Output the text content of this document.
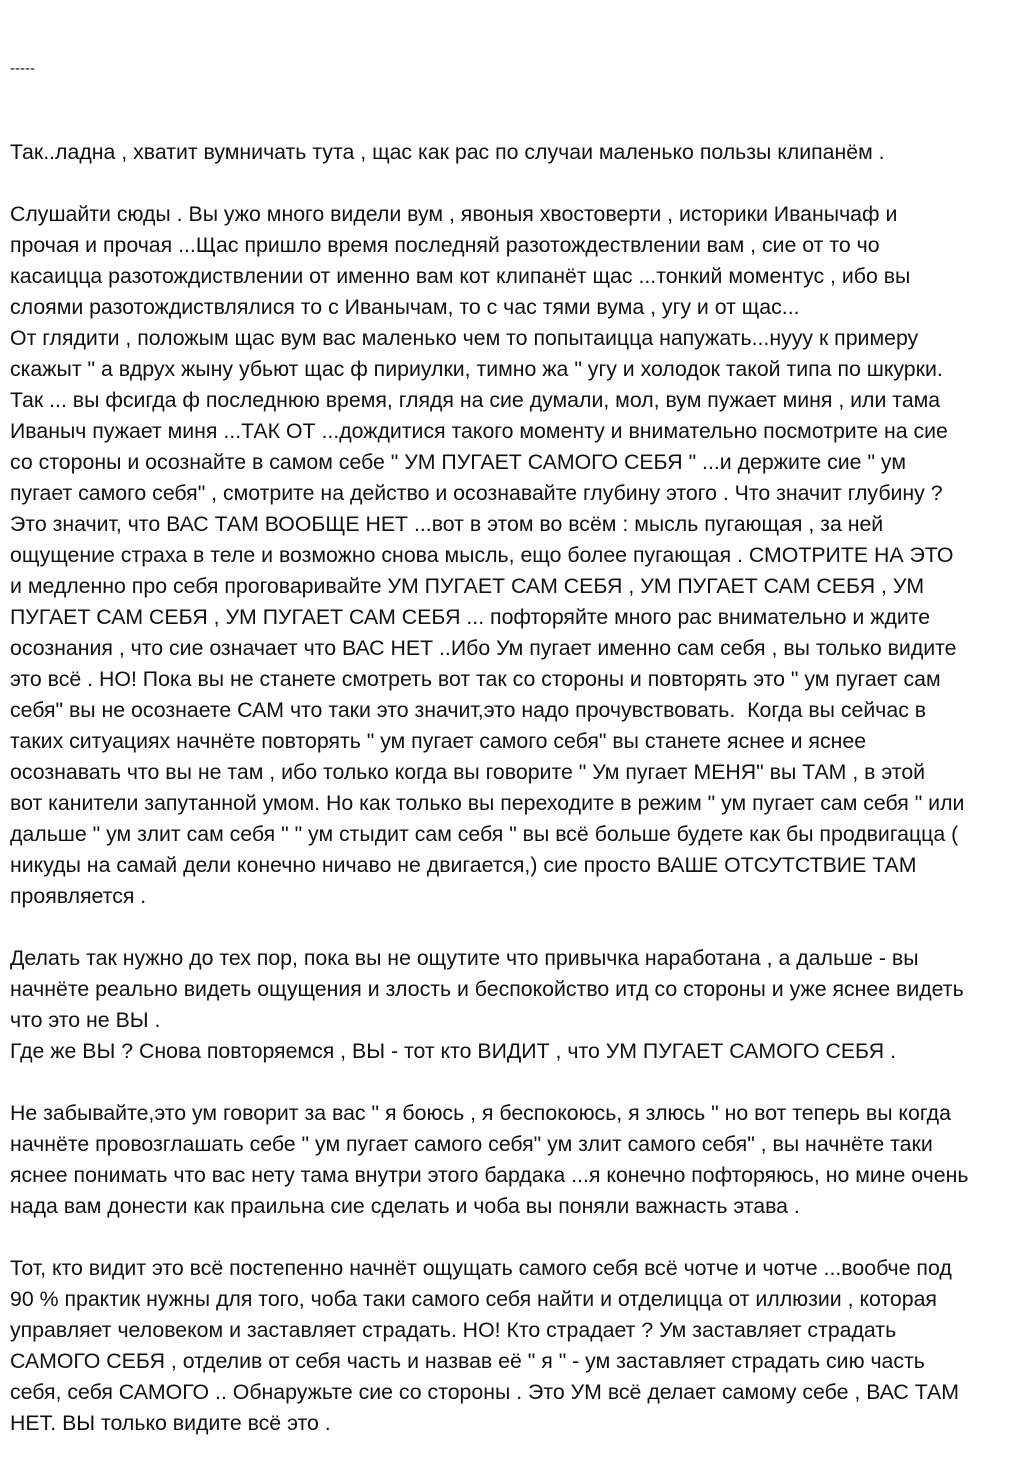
-----

Так..ладна , хватит вумничать тута , щас как рас по случаи маленько пользы клипанём .
Слушайти сюды . Вы ужо много видели вум , явоныя хвостоверти , историки Иванычаф и
прочая и прочая ...Щас пришло время последняй разотождествлении вам , сие от то чо
касаицца разотождиствлении от именно вам кот клипанёт щас ...тонкий моментус , ибо вы
слоями разотождиствлялися то с Иванычам, то с час тями вума , угу и от щас...
От глядити , положым щас вум вас маленько чем то попытаицца напужать...нууу к примеру
скажыт " а вдрух жыну убьют щас ф пириулки, тимно жа " угу и холодок такой типа по шкурки.
Так ... вы фсигда ф последнюю время, глядя на сие думали, мол, вум пужает миня , или тама
Иваныч пужает миня ...ТАК ОТ ...дождитися такого моменту и внимательно посмотрите на сие
со стороны и осознайте в самом себе " УМ ПУГАЕТ САМОГО СЕБЯ " ...и держите сие " ум
пугает самого себя" , смотрите на действо и осознавайте глубину этого . Что значит глубину ?
Это значит, что ВАС ТАМ ВООБЩЕ НЕТ ...вот в этом во всём : мысль пугающая , за ней
ощущение страха в теле и возможно снова мысль, ещо более пугающая . СМОТРИТЕ НА ЭТО
и медленно про себя проговаривайте УМ ПУГАЕТ САМ СЕБЯ , УМ ПУГАЕТ САМ СЕБЯ , УМ
ПУГАЕТ САМ СЕБЯ , УМ ПУГАЕТ САМ СЕБЯ ... пофторяйте много рас внимательно и ждите
осознания , что сие означает что ВАС НЕТ ..Ибо Ум пугает именно сам себя , вы только видите
это всё . НО! Пока вы не станете смотреть вот так со стороны и повторять это " ум пугает сам
себя" вы не осознаете САМ что таки это значит,это надо прочувствовать.  Когда вы сейчас в
таких ситуациях начнёте повторять " ум пугает самого себя" вы станете яснее и яснее
осознавать что вы не там , ибо только когда вы говорите " Ум пугает МЕНЯ" вы ТАМ , в этой
вот канители запутанной умом. Но как только вы переходите в режим " ум пугает сам себя " или
дальше " ум злит сам себя " " ум стыдит сам себя " вы всё больше будете как бы продвигацца (
никуды на самай дели конечно ничаво не двигается,) сие просто ВАШЕ ОТСУТСТВИЕ ТАМ
проявляется .
Делать так нужно до тех пор, пока вы не ощутите что привычка наработана , а дальше - вы
начнёте реально видеть ощущения и злость и беспокойство итд со стороны и уже яснее видеть
что это не ВЫ .
Где же ВЫ ? Снова повторяемся , ВЫ - тот кто ВИДИТ , что УМ ПУГАЕТ САМОГО СЕБЯ .
Не забывайте,это ум говорит за вас " я боюсь , я беспокоюсь, я злюсь " но вот теперь вы когда
начнёте провозглашать себе " ум пугает самого себя" ум злит самого себя" , вы начнёте таки
яснее понимать что вас нету тама внутри этого бардака ...я конечно пофторяюсь, но мине очень
нада вам донести как праильна сие сделать и чоба вы поняли важнасть этава .
Тот, кто видит это всё постепенно начнёт ощущать самого себя всё чотче и чотче ...вообче под
90 % практик нужны для того, чоба таки самого себя найти и отделицца от иллюзии , которая
управляет человеком и заставляет страдать. НО! Кто страдает ? Ум заставляет страдать
САМОГО СЕБЯ , отделив от себя часть и назвав её " я " - ум заставляет страдать сию часть
себя, себя САМОГО .. Обнаружьте сие со стороны . Это УМ всё делает самому себе , ВАС ТАМ
НЕТ. ВЫ только видите всё это .
